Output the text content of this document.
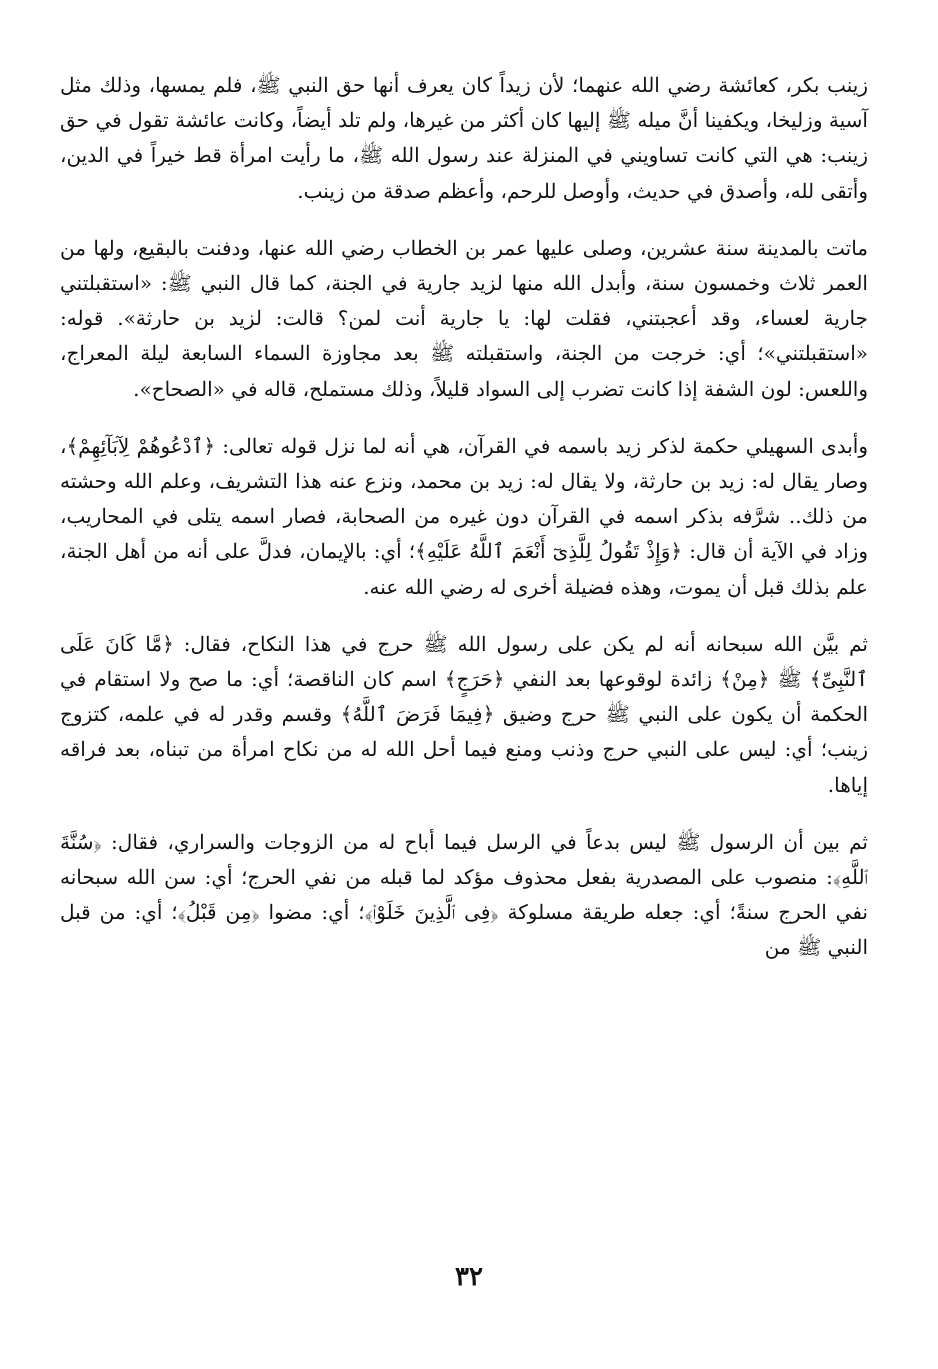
زينب بكر، كعائشة رضي الله عنهما؛ لأن زيداً كان يعرف أنها حق النبي ﷺ، فلم يمسها، وذلك مثل آسية وزليخا، ويكفينا أنَّ ميله ﷺ إليها كان أكثر من غيرها، ولم تلد أيضاً، وكانت عائشة تقول في حق زينب: هي التي كانت تساويني في المنزلة عند رسول الله ﷺ، ما رأيت امرأة قط خيراً في الدين، وأتقى لله، وأصدق في حديث، وأوصل للرحم، وأعظم صدقة من زينب.

ماتت بالمدينة سنة عشرين، وصلى عليها عمر بن الخطاب رضي الله عنها، ودفنت بالبقيع، ولها من العمر ثلاث وخمسون سنة، وأبدل الله منها لزيد جارية في الجنة، كما قال النبي ﷺ: «استقبلتني جارية لعساء، وقد أعجبتني، فقلت لها: يا جارية أنت لمن؟ قالت: لزيد بن حارثة». قوله: «استقبلتني»؛ أي: خرجت من الجنة، واستقبلته ﷺ بعد مجاوزة السماء السابعة ليلة المعراج، واللعس: لون الشفة إذا كانت تضرب إلى السواد قليلاً، وذلك مستملح، قاله في «الصحاح».

وأبدى السهيلي حكمة لذكر زيد باسمه في القرآن، هي أنه لما نزل قوله تعالى: ﴿ٱدْعُوهُمْ لِآبَآئِهِمْ﴾، وصار يقال له: زيد بن حارثة، ولا يقال له: زيد بن محمد، ونزع عنه هذا التشريف، وعلم الله وحشته من ذلك.. شرَّفه بذكر اسمه في القرآن دون غيره من الصحابة، فصار اسمه يتلى في المحاريب، وزاد في الآية أن قال: ﴿وَإِذْ تَقُولُ لِلَّذِىٓ أَنْعَمَ ٱللَّهُ عَلَيْهِ﴾؛ أي: بالإيمان، فدلَّ على أنه من أهل الجنة، علم بذلك قبل أن يموت، وهذه فضيلة أخرى له رضي الله عنه.

ثم بيَّن الله سبحانه أنه لم يكن على رسول الله ﷺ حرج في هذا النكاح، فقال: ﴿مَّا كَانَ عَلَى ٱلنَّبِىِّ﴾ ﷺ ﴿مِنْ﴾ زائدة لوقوعها بعد النفي ﴿حَرَجٍ﴾ اسم كان الناقصة؛ أي: ما صح ولا استقام في الحكمة أن يكون على النبي ﷺ حرج وضيق ﴿فِيمَا فَرَضَ ٱللَّهُ﴾ وقسم وقدر له في علمه، كتزوج زينب؛ أي: ليس على النبي حرج وذنب ومنع فيما أحل الله له من نكاح امرأة من تبناه، بعد فراقه إياها.

ثم بين أن الرسول ﷺ ليس بدعاً في الرسل فيما أباح له من الزوجات والسراري، فقال: ﴿سُنَّةَ ٱللَّهِ﴾: منصوب على المصدرية بفعل محذوف مؤكد لما قبله من نفي الحرج؛ أي: سن الله سبحانه نفي الحرج سنةً؛ أي: جعله طريقة مسلوكة ﴿فِى ٱلَّذِينَ خَلَوْا۟﴾؛ أي: مضوا ﴿مِن قَبْلُ﴾؛ أي: من قبل النبي ﷺ من

٣٢
